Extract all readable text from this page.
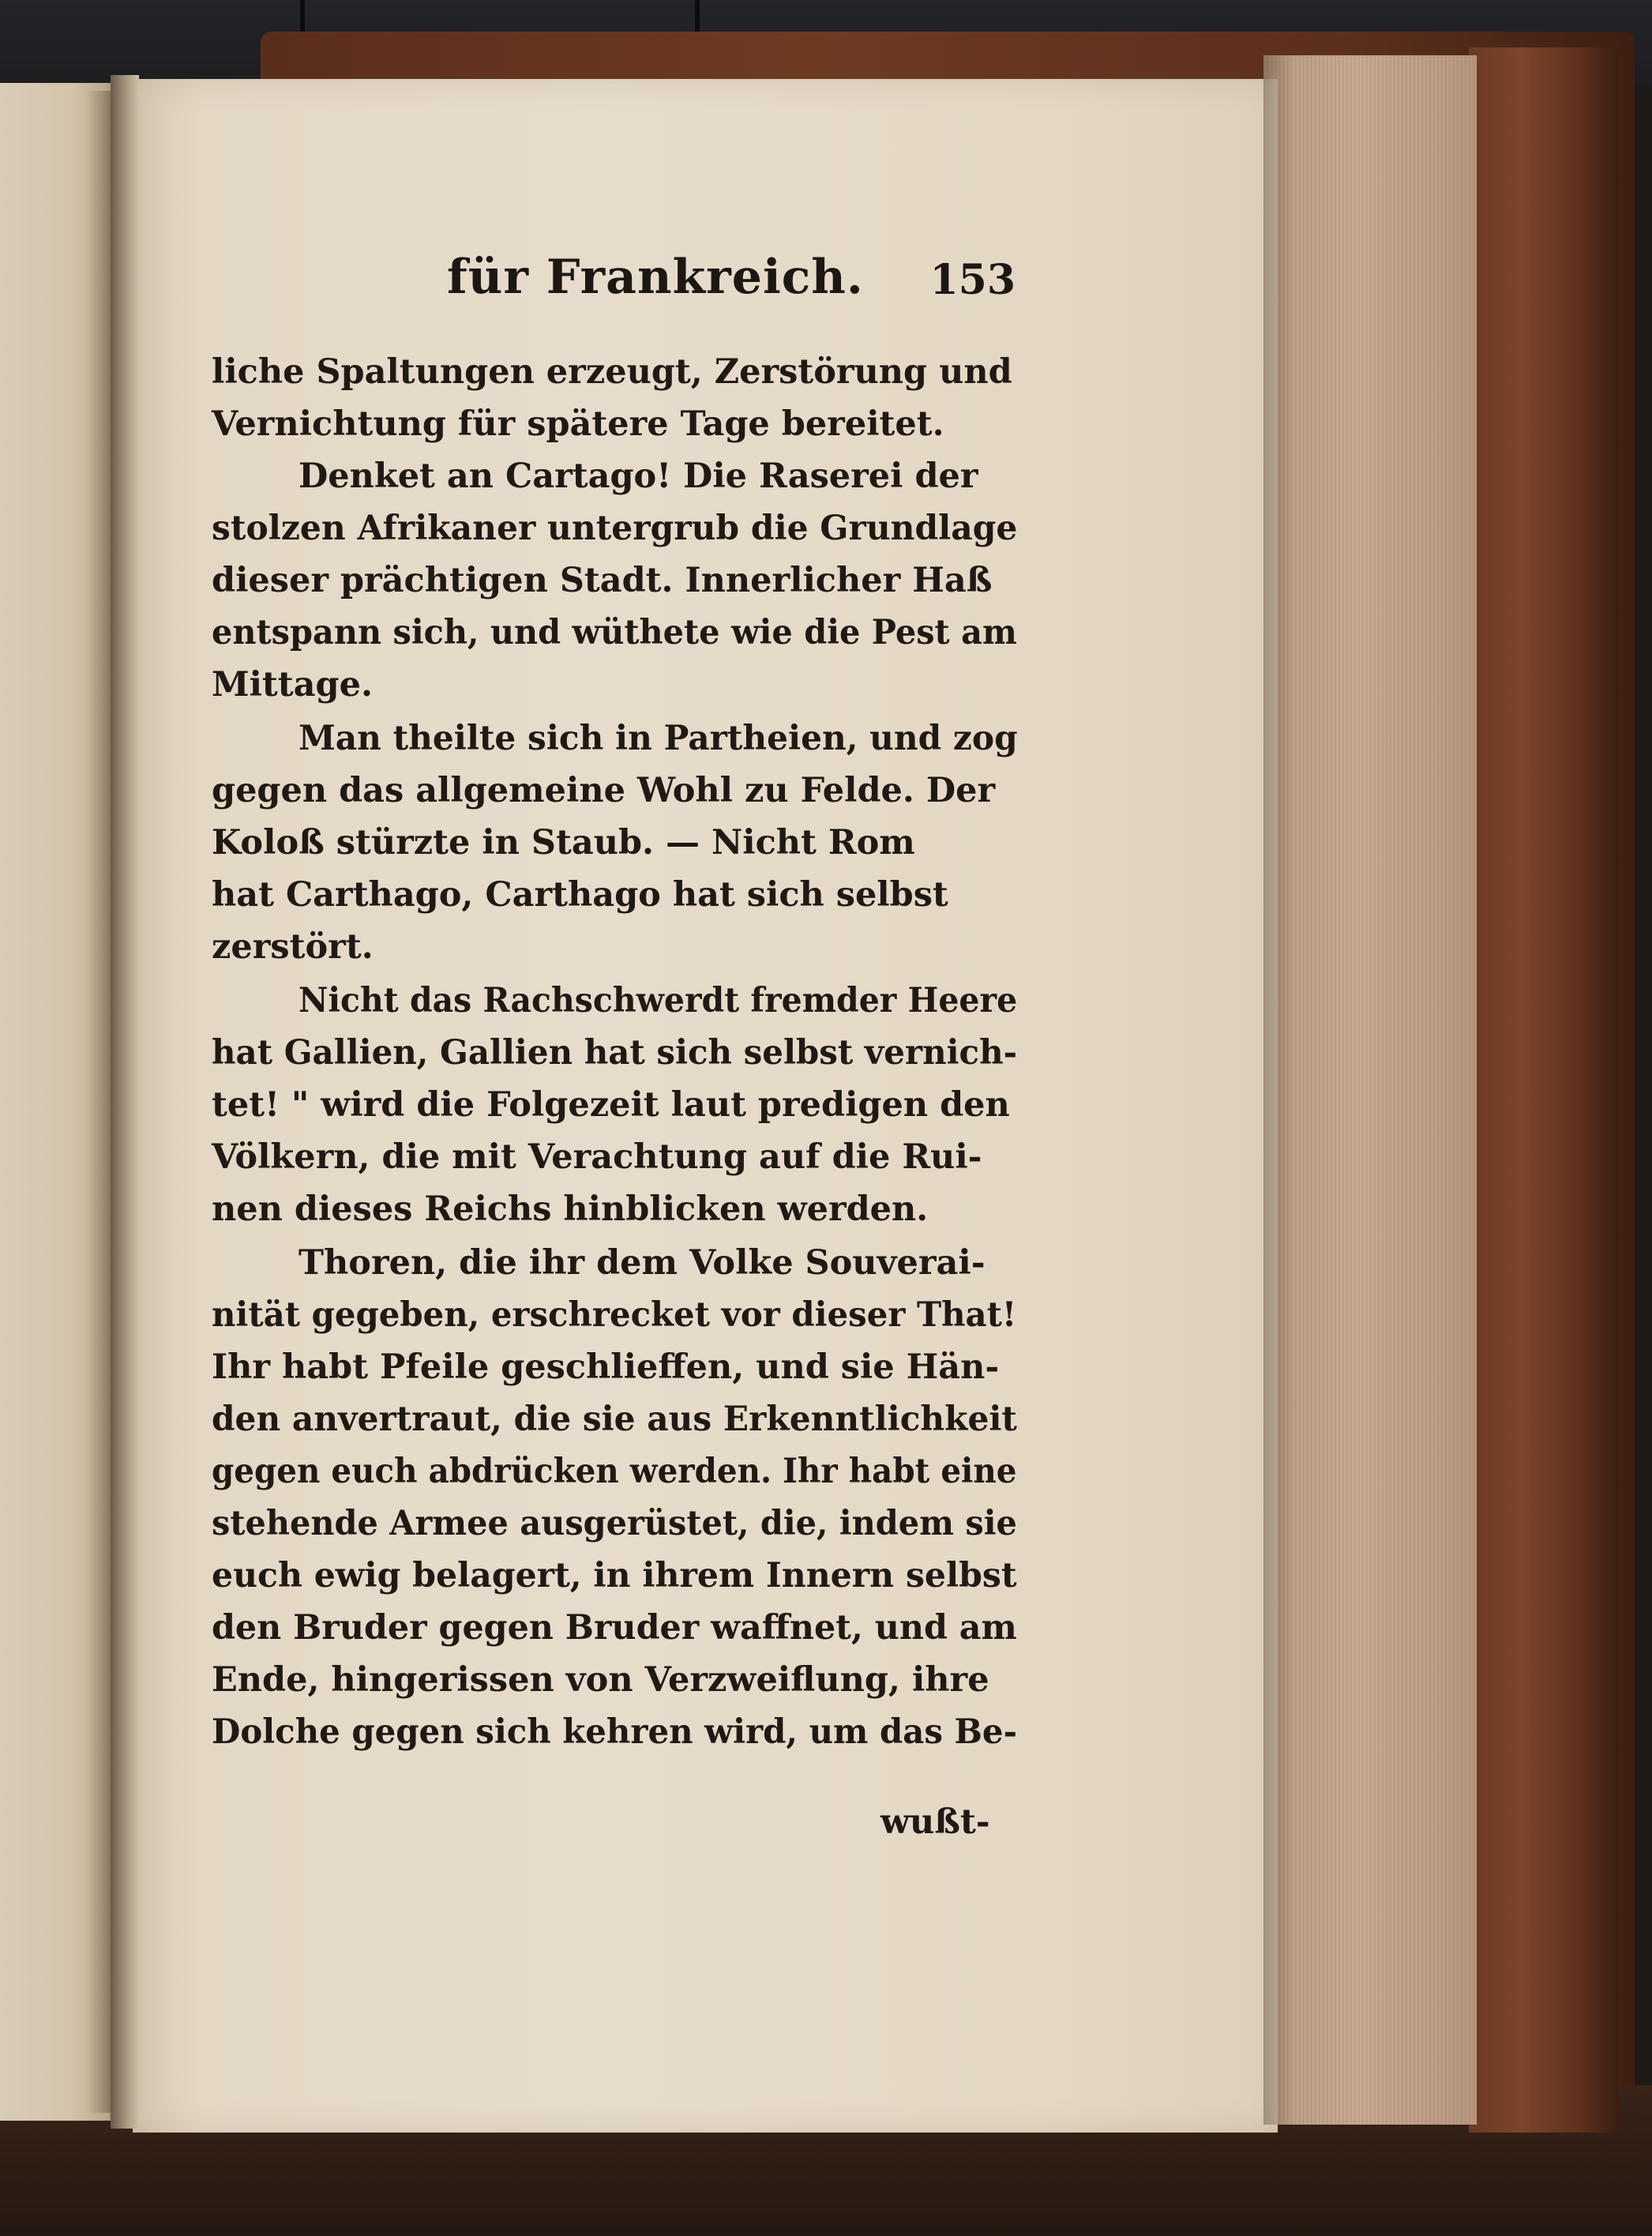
für Frankreich. 153
liche Spaltungen erzeugt, Zerstörung und
Vernichtung für spätere Tage bereitet.
Denket an Cartago! Die Raserei der
stolzen Afrikaner untergrub die Grundlage
dieser prächtigen Stadt. Innerlicher Haß
entspann sich, und wüthete wie die Pest am
Mittage.
Man theilte sich in Partheien, und zog
gegen das allgemeine Wohl zu Felde. Der
Koloß stürzte in Staub. — Nicht Rom
hat Carthago, Carthago hat sich selbst
zerstört.
Nicht das Rachschwerdt fremder Heere
hat Gallien, Gallien hat sich selbst vernich-
tet! " wird die Folgezeit laut predigen den
Völkern, die mit Verachtung auf die Rui-
nen dieses Reichs hinblicken werden.
Thoren, die ihr dem Volke Souverai-
nität gegeben, erschrecket vor dieser That!
Ihr habt Pfeile geschlieffen, und sie Hän-
den anvertraut, die sie aus Erkenntlichkeit
gegen euch abdrücken werden. Ihr habt eine
stehende Armee ausgerüstet, die, indem sie
euch ewig belagert, in ihrem Innern selbst
den Bruder gegen Bruder waffnet, und am
Ende, hingerissen von Verzweiflung, ihre
Dolche gegen sich kehren wird, um das Be-
wußt-
